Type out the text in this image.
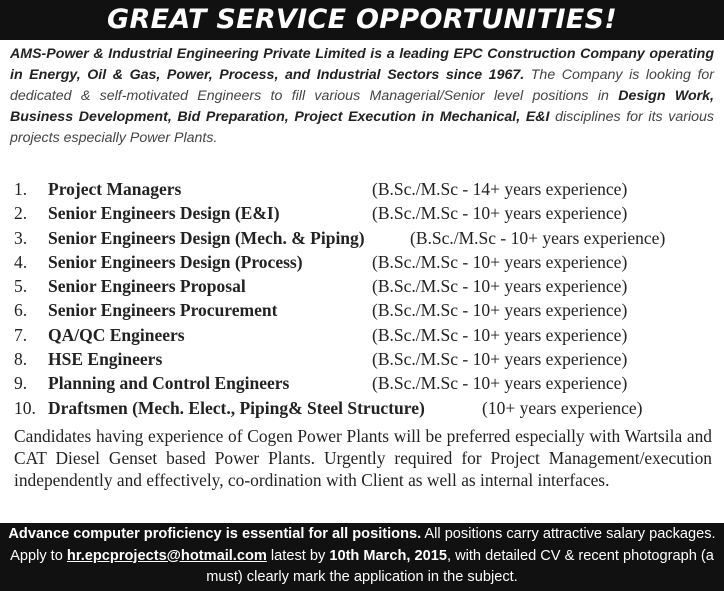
GREAT SERVICE OPPORTUNITIES!
AMS-Power & Industrial Engineering Private Limited is a leading EPC Construction Company operating in Energy, Oil & Gas, Power, Process, and Industrial Sectors since 1967. The Company is looking for dedicated & self-motivated Engineers to fill various Managerial/Senior level positions in Design Work, Business Development, Bid Preparation, Project Execution in Mechanical, E&I disciplines for its various projects especially Power Plants.
1. Project Managers	(B.Sc./M.Sc - 14+ years experience)
2. Senior Engineers Design (E&I)	(B.Sc./M.Sc - 10+ years experience)
3. Senior Engineers Design (Mech. & Piping)	(B.Sc./M.Sc - 10+ years experience)
4. Senior Engineers Design (Process)	(B.Sc./M.Sc - 10+ years experience)
5. Senior Engineers Proposal	(B.Sc./M.Sc - 10+ years experience)
6. Senior Engineers Procurement	(B.Sc./M.Sc - 10+ years experience)
7. QA/QC Engineers	(B.Sc./M.Sc - 10+ years experience)
8. HSE Engineers	(B.Sc./M.Sc - 10+ years experience)
9. Planning and Control Engineers	(B.Sc./M.Sc - 10+ years experience)
10. Draftsmen (Mech. Elect., Piping& Steel Structure)	(10+ years experience)
Candidates having experience of Cogen Power Plants will be preferred especially with Wartsila and CAT Diesel Genset based Power Plants. Urgently required for Project Management/execution independently and effectively, co-ordination with Client as well as internal interfaces.
Advance computer proficiency is essential for all positions. All positions carry attractive salary packages. Apply to hr.epcprojects@hotmail.com latest by 10th March, 2015, with detailed CV & recent photograph (a must) clearly mark the application in the subject.
